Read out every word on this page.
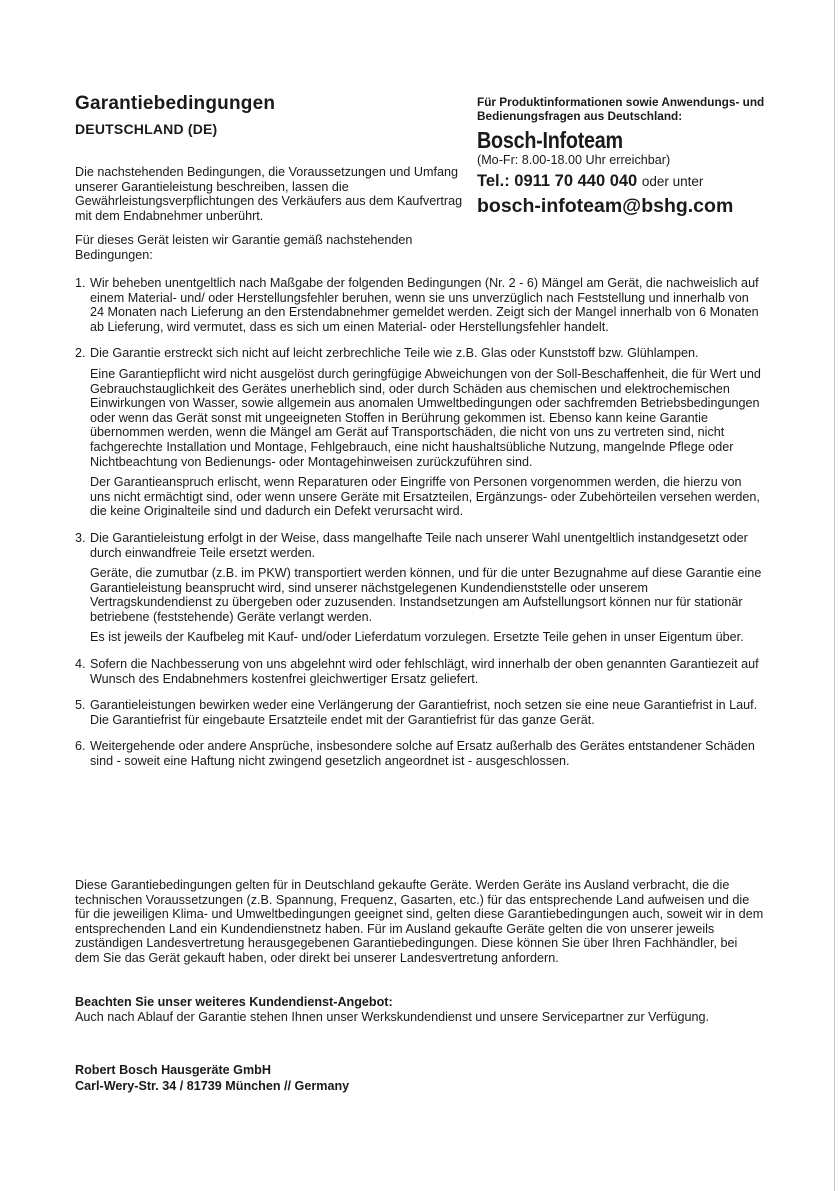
Garantiebedingungen
DEUTSCHLAND (DE)

Die nachstehenden Bedingungen, die Voraussetzungen und Umfang unserer Garantieleistung beschreiben, lassen die Gewährleistungsverpflichtungen des Verkäufers aus dem Kaufvertrag mit dem Endabnehmer unberührt.

Für dieses Gerät leisten wir Garantie gemäß nachstehenden Bedingungen:

Für Produktinformationen sowie Anwendungs- und Bedienungsfragen aus Deutschland:
Bosch-Infoteam
(Mo-Fr: 8.00-18.00 Uhr erreichbar)
Tel.: 0911 70 440 040 oder unter
bosch-infoteam@bshg.com
1. Wir beheben unentgeltlich nach Maßgabe der folgenden Bedingungen (Nr. 2 - 6) Mängel am Gerät, die nachweislich auf einem Material- und/ oder Herstellungsfehler beruhen, wenn sie uns unverzüglich nach Feststellung und innerhalb von 24 Monaten nach Lieferung an den Erstendabnehmer gemeldet werden. Zeigt sich der Mangel innerhalb von 6 Monaten ab Lieferung, wird vermutet, dass es sich um einen Material- oder Herstellungsfehler handelt.

2. Die Garantie erstreckt sich nicht auf leicht zerbrechliche Teile wie z.B. Glas oder Kunststoff bzw. Glühlampen.

Eine Garantiepflicht wird nicht ausgelöst durch geringfügige Abweichungen von der Soll-Beschaffenheit, die für Wert und Gebrauchstauglichkeit des Gerätes unerheblich sind, oder durch Schäden aus chemischen und elektrochemischen Einwirkungen von Wasser, sowie allgemein aus anomalen Umweltbedingungen oder sachfremden Betriebsbedingungen oder wenn das Gerät sonst mit ungeeigneten Stoffen in Berührung gekommen ist. Ebenso kann keine Garantie übernommen werden, wenn die Mängel am Gerät auf Transportschäden, die nicht von uns zu vertreten sind, nicht fachgerechte Installation und Montage, Fehlgebrauch, eine nicht haushaltsübliche Nutzung, mangelnde Pflege oder Nichtbeachtung von Bedienungs- oder Montagehinweisen zurückzuführen sind.

Der Garantieanspruch erlischt, wenn Reparaturen oder Eingriffe von Personen vorgenommen werden, die hierzu von uns nicht ermächtigt sind, oder wenn unsere Geräte mit Ersatzteilen, Ergänzungs- oder Zubehörteilen versehen werden, die keine Originalteile sind und dadurch ein Defekt verursacht wird.

3. Die Garantieleistung erfolgt in der Weise, dass mangelhafte Teile nach unserer Wahl unentgeltlich instandgesetzt oder durch einwandfreie Teile ersetzt werden.

Geräte, die zumutbar (z.B. im PKW) transportiert werden können, und für die unter Bezugnahme auf diese Garantie eine Garantieleistung beansprucht wird, sind unserer nächstgelegenen Kundendienststelle oder unserem Vertragskundendienst zu übergeben oder zuzusenden. Instandsetzungen am Aufstellungsort können nur für stationär betriebene (feststehende) Geräte verlangt werden.

Es ist jeweils der Kaufbeleg mit Kauf- und/oder Lieferdatum vorzulegen. Ersetzte Teile gehen in unser Eigentum über.

4. Sofern die Nachbesserung von uns abgelehnt wird oder fehlschlägt, wird innerhalb der oben genannten Garantiezeit auf Wunsch des Endabnehmers kostenfrei gleichwertiger Ersatz geliefert.

5. Garantieleistungen bewirken weder eine Verlängerung der Garantiefrist, noch setzen sie eine neue Garantiefrist in Lauf. Die Garantiefrist für eingebaute Ersatzteile endet mit der Garantiefrist für das ganze Gerät.

6. Weitergehende oder andere Ansprüche, insbesondere solche auf Ersatz außerhalb des Gerätes entstandener Schäden sind - soweit eine Haftung nicht zwingend gesetzlich angeordnet ist - ausgeschlossen.

Diese Garantiebedingungen gelten für in Deutschland gekaufte Geräte. Werden Geräte ins Ausland verbracht, die die technischen Voraussetzungen (z.B. Spannung, Frequenz, Gasarten, etc.) für das entsprechende Land aufweisen und die für die jeweiligen Klima- und Umweltbedingungen geeignet sind, gelten diese Garantiebedingungen auch, soweit wir in dem entsprechenden Land ein Kundendienstnetz haben. Für im Ausland gekaufte Geräte gelten die von unserer jeweils zuständigen Landesvertretung herausgegebenen Garantiebedingungen. Diese können Sie über Ihren Fachhändler, bei dem Sie das Gerät gekauft haben, oder direkt bei unserer Landesvertretung anfordern.

Beachten Sie unser weiteres Kundendienst-Angebot:
Auch nach Ablauf der Garantie stehen Ihnen unser Werkskundendienst und unsere Servicepartner zur Verfügung.
Robert Bosch Hausgeräte GmbH
Carl-Wery-Str. 34 / 81739 München // Germany
